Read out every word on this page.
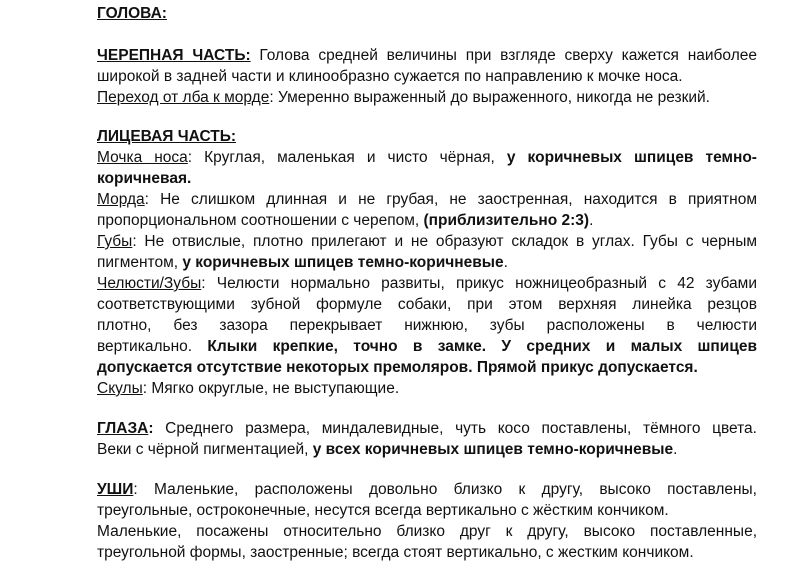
ГОЛОВА:
ЧЕРЕПНАЯ ЧАСТЬ: Голова средней величины при взгляде сверху кажется наиболее
широкой в задней части и клинообразно сужается по направлению к мочке носа.
Переход от лба к морде: Умеренно выраженный до выраженного, никогда не резкий.
ЛИЦЕВАЯ ЧАСТЬ:
Мочка носа: Круглая, маленькая и чисто чёрная, у коричневых шпицев темно-
коричневая.
Морда: Не слишком длинная и не грубая, не заостренная, находится в приятном
пропорциональном соотношении с черепом, (приблизительно 2:3).
Губы: Не отвислые, плотно прилегают и не образуют складок в углах. Губы с черным
пигментом, у коричневых шпицев темно-коричневые.
Челюсти/Зубы: Челюсти нормально развиты, прикус ножницеобразный с 42 зубами
соответствующими зубной формуле собаки, при этом верхняя линейка резцов
плотно, без зазора перекрывает нижнюю, зубы расположены в челюсти
вертикально. Клыки крепкие, точно в замке. У средних и малых шпицев
допускается отсутствие некоторых премоляров. Прямой прикус допускается.
Скулы: Мягко округлые, не выступающие.
ГЛАЗА: Среднего размера, миндалевидные, чуть косо поставлены, тёмного цвета.
Веки с чёрной пигментацией, у всех коричневых шпицев темно-коричневые.
УШИ: Маленькие, расположены довольно близко к другу, высоко поставлены,
треугольные, остроконечные, несутся всегда вертикально с жёстким кончиком.
Маленькие, посажены относительно близко друг к другу, высоко поставленные,
треугольной формы, заостренные; всегда стоят вертикально, с жестким кончиком.
